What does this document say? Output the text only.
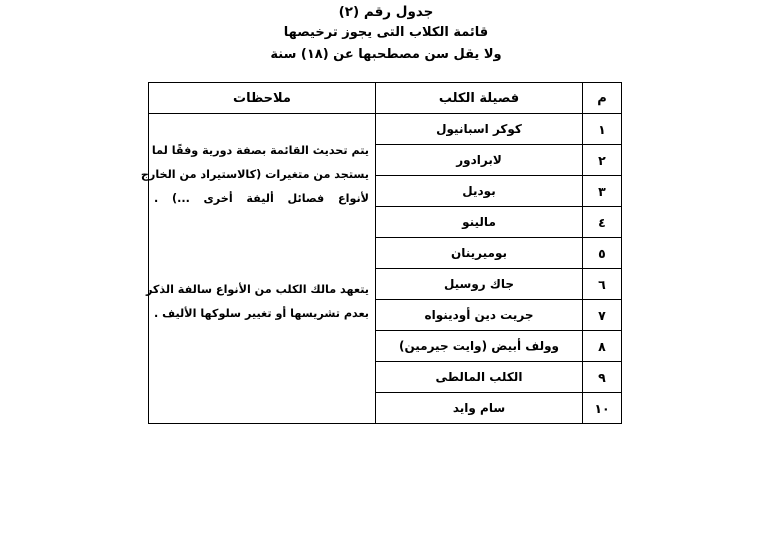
جدول رقم (٢)
قائمة الكلاب التى يجوز ترخيصها
ولا يقل سن مصطحبها عن (١٨) سنة
م	فصيلة الكلب	ملاحظات
١	كوكر اسبانيول	يتم تحديث القائمة بصفة دورية وفقًا لما
يستجد من متغيرات (كالاستيراد من الخارج
لأنواع فصائل أليفة أخرى ...) .
يتعهد مالك الكلب من الأنواع سالفة الذكر
بعدم تشريسها أو تغيير سلوكها الأليف .

٢	لابرادور	
٣	بوديل	
٤	مالينو	
٥	بوميرينان	
٦	جاك روسيل	
٧	جريت دين أودينواه	
٨	وولف أبيض (وايت جيرمين)	
٩	الكلب المالطى	
١٠	سام وايد	
